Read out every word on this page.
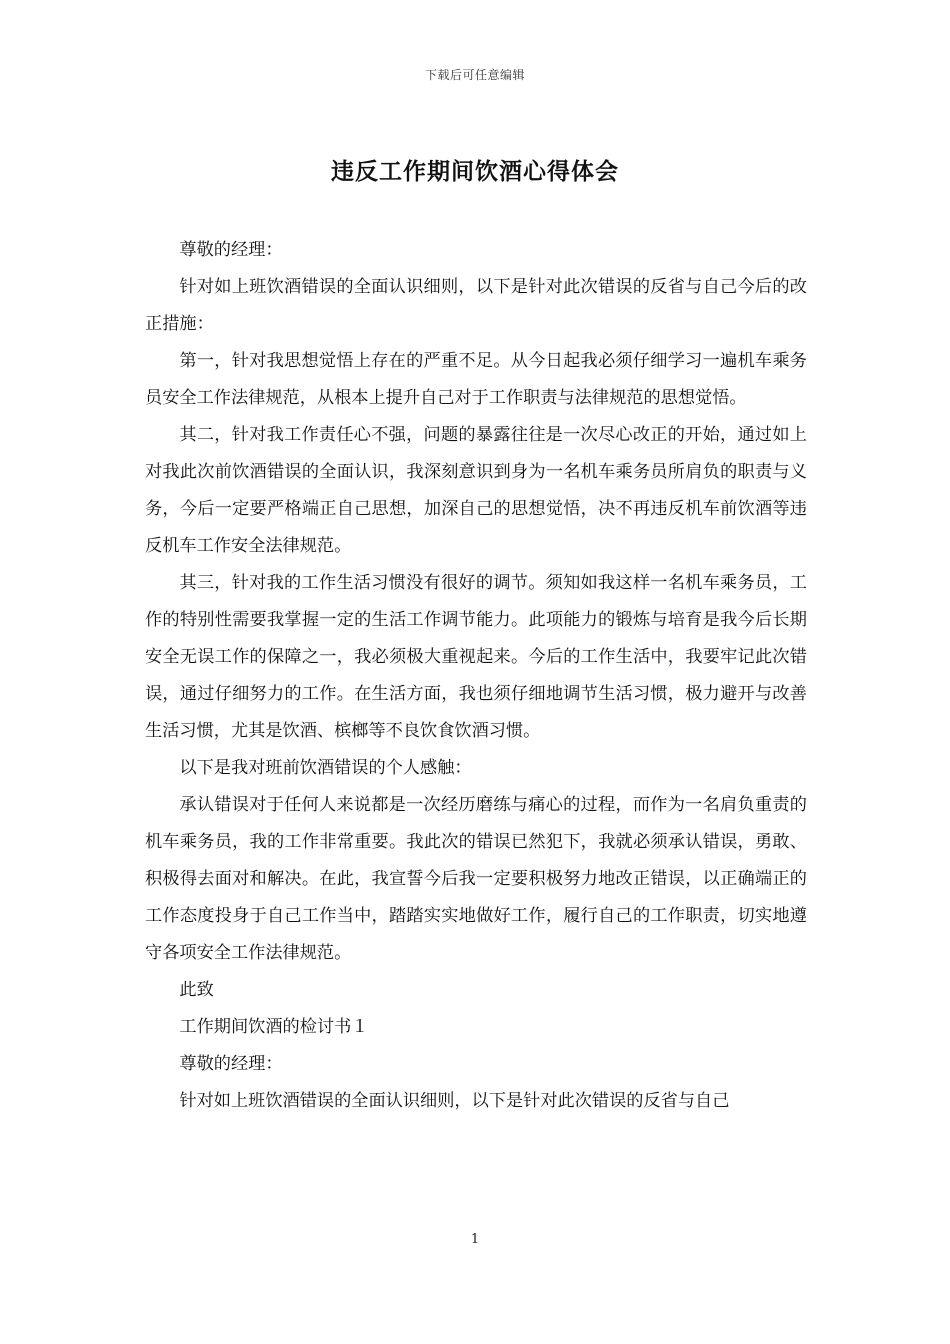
下载后可任意编辑
违反工作期间饮酒心得体会

尊敬的经理：

针对如上班饮酒错误的全面认识细则，以下是针对此次错误的反省与自己今后的改正措施：

第一，针对我思想觉悟上存在的严重不足。从今日起我必须仔细学习一遍机车乘务员安全工作法律规范，从根本上提升自己对于工作职责与法律规范的思想觉悟。

其二，针对我工作责任心不强，问题的暴露往往是一次尽心改正的开始，通过如上对我此次前饮酒错误的全面认识，我深刻意识到身为一名机车乘务员所肩负的职责与义务，今后一定要严格端正自己思想，加深自己的思想觉悟，决不再违反机车前饮酒等违反机车工作安全法律规范。

其三，针对我的工作生活习惯没有很好的调节。须知如我这样一名机车乘务员，工作的特别性需要我掌握一定的生活工作调节能力。此项能力的锻炼与培育是我今后长期安全无误工作的保障之一，我必须极大重视起来。今后的工作生活中，我要牢记此次错误，通过仔细努力的工作。在生活方面，我也须仔细地调节生活习惯，极力避开与改善生活习惯，尤其是饮酒、槟榔等不良饮食饮酒习惯。

以下是我对班前饮酒错误的个人感触：

承认错误对于任何人来说都是一次经历磨练与痛心的过程，而作为一名肩负重责的机车乘务员，我的工作非常重要。我此次的错误已然犯下，我就必须承认错误，勇敢、积极得去面对和解决。在此，我宣誓今后我一定要积极努力地改正错误，以正确端正的工作态度投身于自己工作当中，踏踏实实地做好工作，履行自己的工作职责，切实地遵守各项安全工作法律规范。

此致

工作期间饮酒的检讨书１

尊敬的经理：

针对如上班饮酒错误的全面认识细则，以下是针对此次错误的反省与自己

1
